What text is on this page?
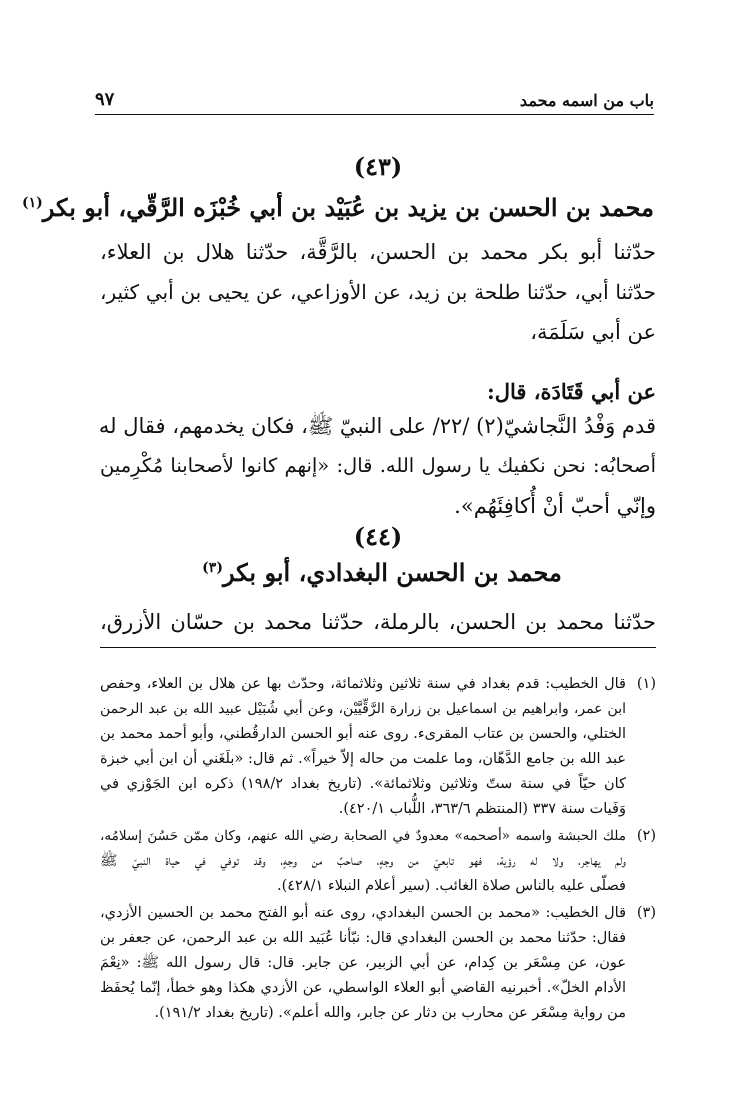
باب من اسمه محمد
٩٧
(٤٣)
محمد بن الحسن بن يزيد بن عُبَيْد بن أبي خُبْزَه الرَّقّي، أبو بكر$^{(١)}$
حدّثنا أبو بكر محمد بن الحسن، بالرَّقَّة، حدّثنا هلال بن العلاء،
حدّثنا أبي، حدّثنا طلحة بن زيد، عن الأوزاعي، عن يحيى بن أبي كثير،
عن أبي سَلَمَة،
عن أبي قَتَادَة، قال:
قدم وَفْدُ النَّجاشيّ(٢) /٢٢/ على النبيّ ﷺ، فكان يخدمهم، فقال له
أصحابُه: نحن نكفيك يا رسول الله. قال: «إنهم كانوا لأصحابنا مُكْرِمين
وإنّي أحبّ أنْ أُكافِئَهُم».
(٤٤)
محمد بن الحسن البغدادي، أبو بكر$^{(٣)}$
حدّثنا محمد بن الحسن، بالرملة، حدّثنا محمد بن حسّان الأزرق،
(١)
قال الخطيب: قدم بغداد في سنة ثلاثين وثلاثمائة، وحدّث بها عن هلال بن العلاء، وحفص
ابن عمر، وابراهيم بن اسماعيل بن زرارة الرَّقِّيَّيْن، وعن أبي شُبَيْل عبيد الله بن عبد الرحمن
الختلي، والحسن بن عتاب المقرىء. روى عنه أبو الحسن الدارقُطني، وأبو أحمد محمد بن
عبد الله بن جامع الدَّهّان، وما علمت من حاله إلاّ خيراً». ثم قال: «بلَغَني أن ابن أبي خبزة
كان حيّاً في سنة ستّ وثلاثين وثلاثمائة». (تاريخ بغداد ١٩٨/٢) ذكره ابن الجَوْزي في
وَفَيات سنة ٣٣٧ (المنتظم ٣٦٣/٦، اللُّباب ٤٢٠/١).
(٢)
ملك الحبشة واسمه «أصحمه» معدودٌ في الصحابة رضي الله عنهم، وكان ممّن حَسُنَ إسلامُه،
ولم يهاجر، ولا له رؤية، فهو تابعيّ من وجهٍ، صاحبٌ من وجهٍ، وقد توفي في حياة النبيّ ﷺ
فصلّى عليه بالناس صلاة الغائب. (سير أعلام النبلاء ٤٢٨/١).
(٣)
قال الخطيب: «محمد بن الحسن البغدادي، روى عنه أبو الفتح محمد بن الحسين الأزدي،
فقال: حدّثنا محمد بن الحسن البغدادي قال: نبّأنا عُبَيد الله بن عبد الرحمن، عن جعفر بن
عون، عن مِسْعَر بن كِدام، عن أبي الزبير، عن جابر. قال: قال رسول الله ﷺ: «نِعْمَ
الأدام الخلّ». أخبرنيه القاضي أبو العلاء الواسطي، عن الأزدي هكذا وهو خطأ، إنّما يُحفَظ
من رواية مِسْعَر عن محارب بن دثار عن جابر، والله أعلم». (تاريخ بغداد ١٩١/٢).
